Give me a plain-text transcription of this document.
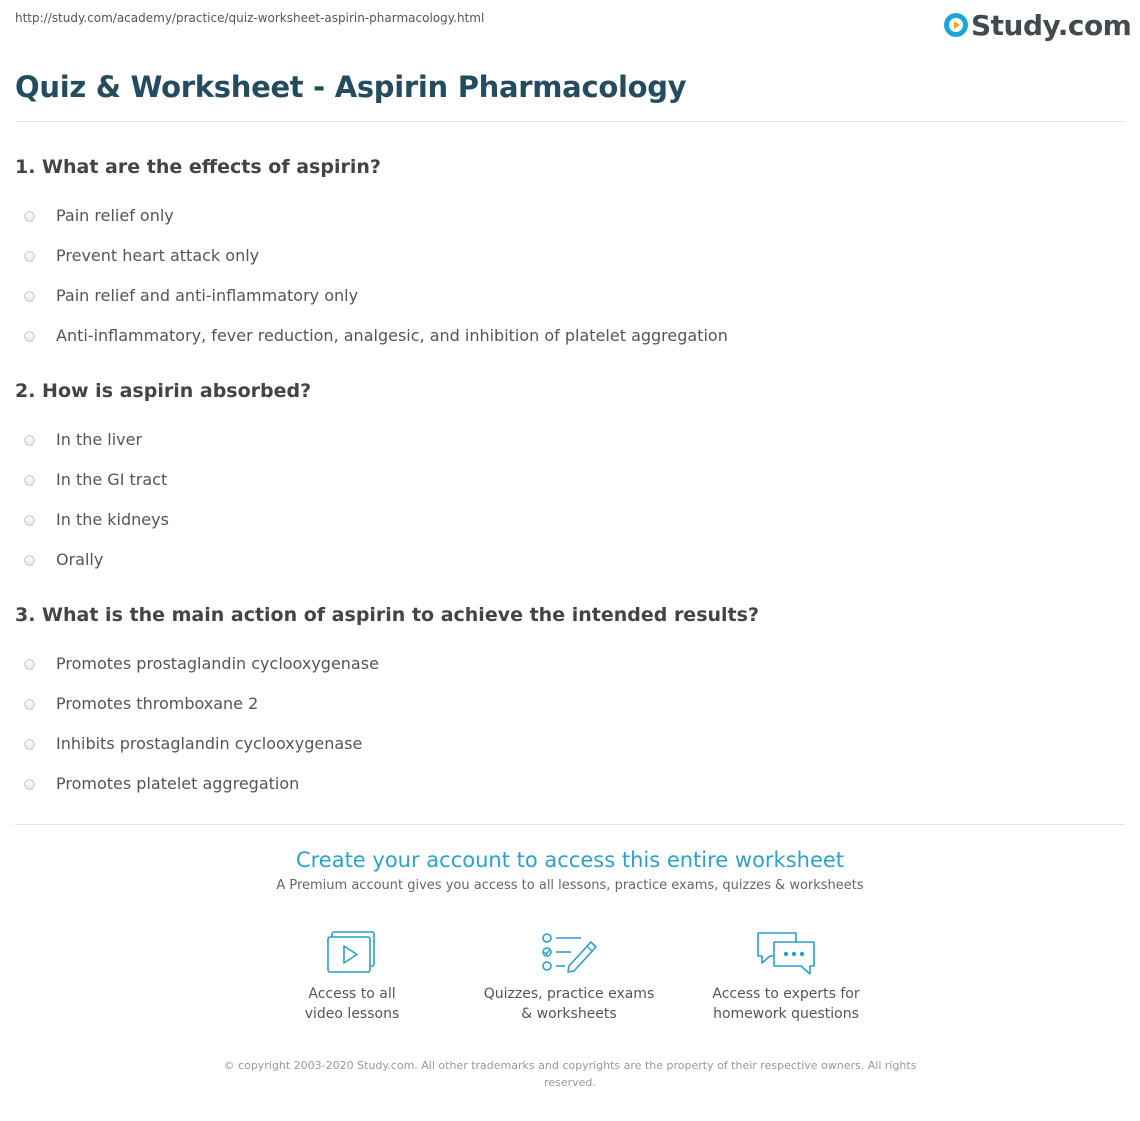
http://study.com/academy/practice/quiz-worksheet-aspirin-pharmacology.html	Study.com
Quiz & Worksheet - Aspirin Pharmacology
1. What are the effects of aspirin?
Pain relief only
Prevent heart attack only
Pain relief and anti-inflammatory only
Anti-inflammatory, fever reduction, analgesic, and inhibition of platelet aggregation
2. How is aspirin absorbed?
In the liver
In the GI tract
In the kidneys
Orally
3. What is the main action of aspirin to achieve the intended results?
Promotes prostaglandin cyclooxygenase
Promotes thromboxane 2
Inhibits prostaglandin cyclooxygenase
Promotes platelet aggregation
Create your account to access this entire worksheet
A Premium account gives you access to all lessons, practice exams, quizzes & worksheets
Access to all
video lessons
Quizzes, practice exams
& worksheets
Access to experts for
homework questions
© copyright 2003-2020 Study.com. All other trademarks and copyrights are the property of their respective owners. All rights reserved.
